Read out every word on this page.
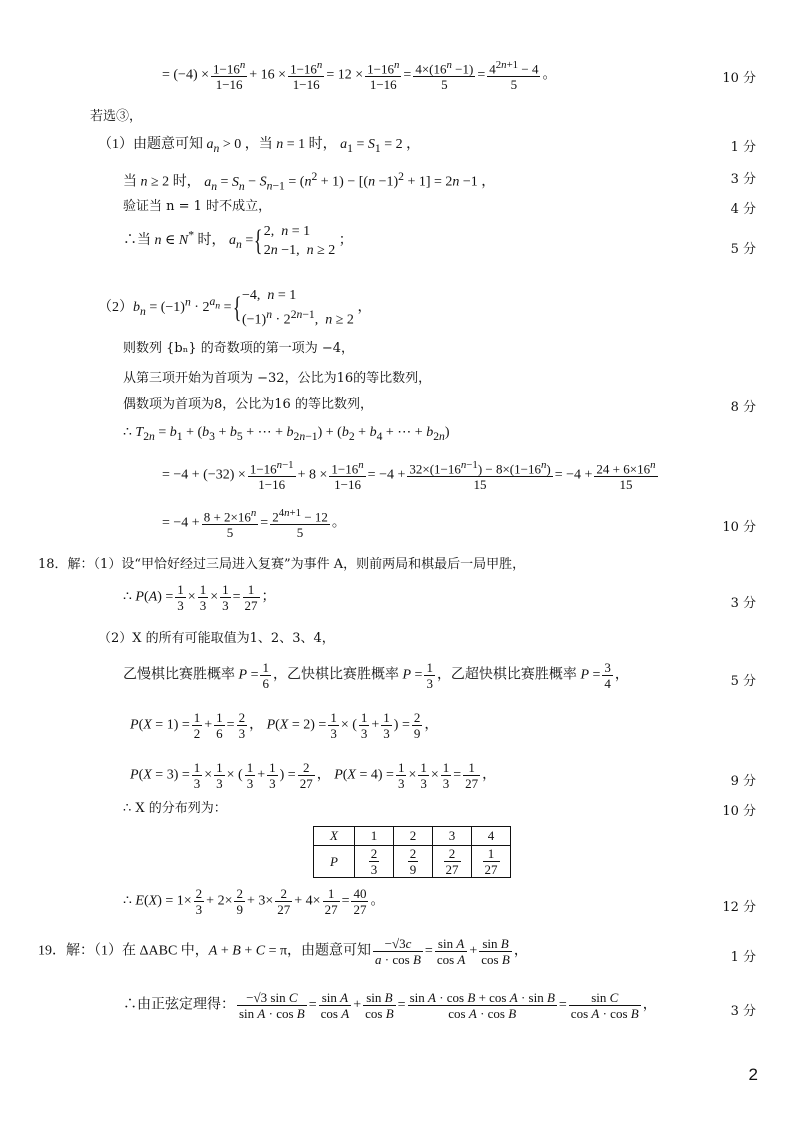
= $(-4) \times \frac{1-16^n}{1-16} + 16 \times \frac{1-16^n}{1-16} = 12 \times \frac{1-16^n}{1-16} = \frac{4\times(16^n -1)}{5} = \frac{4^{2n+1} - 4}{5}$ 。	10 分
若选③，
（1）由题意可知 $a_n > 0$ ，当 n = 1 时， $a_1 = S_1 = 2$ ，	1 分
当 n ≥ 2 时， $a_n = S_n - S_{n-1} = (n^2 + 1) - [(n -1)^2 + 1] = 2n -1$ ，	3 分
验证当 n = 1 时不成立，	4 分
∴当 n ∈ N* 时， $a_n =\{2$,  n = 1
2n −1,  n ≥ 2 ；
5 分
$(2)b_n = (-1)^n \cdot 2^{a_n} =\{-4$,  n = 1
$(-1)^n \cdot 2^{2n-1}$,  n ≥ 2 ，
则数列 {bₙ} 的奇数项的第一项为 −4，
从第三项开始为首项为 −32，公比为16的等比数列，
偶数项为首项为8，公比为16 的等比数列，	8 分
∴ $T_{2n} = b_1 + (b_3 + b_5$ + ⋯ + $b_{2n-1}) + (b_2 + b_4$ + ⋯ + $b_{2n}$)
= $-4 + (-32) \times \frac{1-16^{n-1}}{1-16} + 8 \times \frac{1-16^n}{1-16} = -4 + \frac{32\times(1-16^{n-1}) - 8\times(1-16^n)}{15} = -4 + \frac{24 + 6\times 16^n}{15}$
= $-4 + \frac{8 + 2\times 16^n}{5} = \frac{2^{4n+1} - 12}{5}$ 。	10 分
18．解：（1）设“甲恰好经过三局进入复赛”为事件 A，则前两局和棋最后一局甲胜，
∴ $P(A) = \frac{1}{3} \times \frac{1}{3} \times \frac{1}{3} = \frac{1}{27}$ ；	3 分
（2）X 的所有可能取值为1、2、3、4，
乙慢棋比赛胜概率 $P = \frac{1}{6}$ ，乙快棋比赛胜概率 $P = \frac{1}{3}$ ，乙超快棋比赛胜概率 $P = \frac{3}{4}$ ，	5 分
$P(X = 1) = \frac{1}{2} + \frac{1}{6} = \frac{2}{3}$ ， $P(X = 2) = \frac{1}{3}$ × ( $\frac{1}{3} + \frac{1}{3}$ ) = $\frac{2}{9}$ ，
$P(X = 3) = \frac{1}{3} \times \frac{1}{3}$ × ( $\frac{1}{3} + \frac{1}{3}$ ) = $\frac{2}{27}$ ， $P(X = 4) = \frac{1}{3} \times \frac{1}{3} \times \frac{1}{3} = \frac{1}{27}$ ，	9 分
∴ X 的分布列为：	10 分
X	1	2	3	4
P	$\frac{2}{3}$	$\frac{2}{9}$	$\frac{2}{27}$	$\frac{1}{27}$
∴ $E(X) = 1\times \frac{2}{3} + 2\times \frac{2}{9} + 3\times \frac{2}{27} + 4\times \frac{1}{27} = \frac{40}{27}$ 。	12 分
19．解：（1）在 ΔABC 中，A + B + C = π，由题意可知 $\frac{-√3c}{\text{a · cos B}} = \frac{\text{sin A}}{\text{cos A}} + \frac{\text{sin B}}{\text{cos B}}$ ，	1 分
∴由正弦定理得： $\frac{\text{−√3 sin C}}{\text{sin A · cos B}} = \frac{\text{sin A}}{\text{cos A}} + \frac{\text{sin B}}{\text{cos B}} = \frac{\text{sin A · cos B + cos A · sin B}}{\text{cos A · cos B}} = \frac{\text{sin C}}{\text{cos A · cos B}}$ ，	3 分
2
